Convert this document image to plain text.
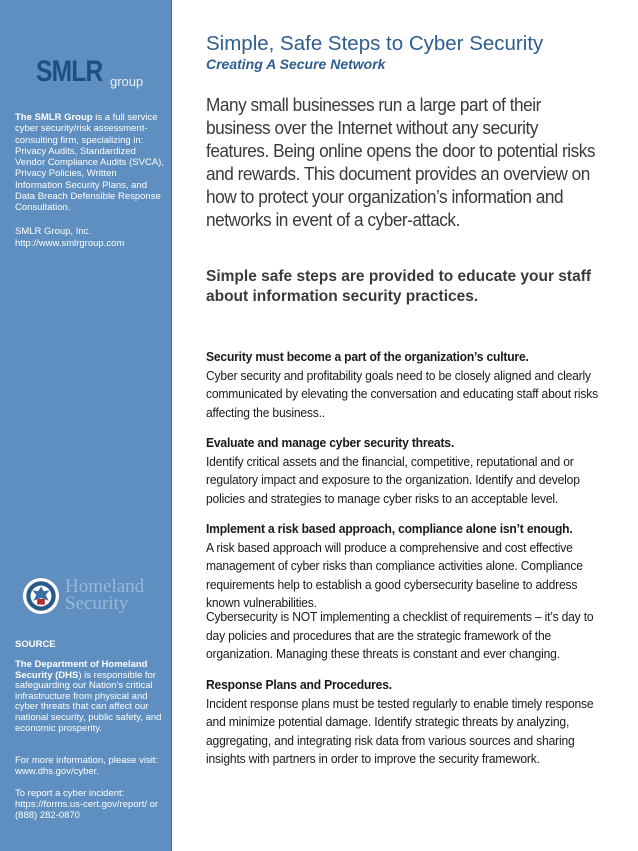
SMLR group
The SMLR Group is a full service cyber security/risk assessment-consulting firm, specializing in: Privacy Audits, Standardized Vendor Compliance Audits (SVCA), Privacy Policies, Written Information Security Plans, and Data Breach Defensible Response Consultation.
SMLR Group, Inc.
http://www.smlrgroup.com
Homeland Security
SOURCE
The Department of Homeland Security (DHS) is responsible for safeguarding our Nation’s critical infrastructure from physical and cyber threats that can affect our national security, public safety, and economic prosperity.
For more information, please visit: www.dhs.gov/cyber.
To report a cyber incident: https://forms.us-cert.gov/report/ or (888) 282-0870
Simple, Safe Steps to Cyber Security
Creating A Secure Network
Many small businesses run a large part of their business over the Internet without any security features. Being online opens the door to potential risks and rewards. This document provides an overview on how to protect your organization’s information and networks in event of a cyber-attack.
Simple safe steps are provided to educate your staff about information security practices.
Security must become a part of the organization’s culture.
Cyber security and profitability goals need to be closely aligned and clearly communicated by elevating the conversation and educating staff about risks affecting the business..
Evaluate and manage cyber security threats.
Identify critical assets and the financial, competitive, reputational and or regulatory impact and exposure to the organization. Identify and develop policies and strategies to manage cyber risks to an acceptable level.
Implement a risk based approach, compliance alone isn’t enough.
A risk based approach will produce a comprehensive and cost effective management of cyber risks than compliance activities alone. Compliance requirements help to establish a good cybersecurity baseline to address known vulnerabilities.
Cybersecurity is NOT implementing a checklist of requirements – it’s day to day policies and procedures that are the strategic framework of the organization. Managing these threats is constant and ever changing.
Response Plans and Procedures.
Incident response plans must be tested regularly to enable timely response and minimize potential damage. Identify strategic threats by analyzing, aggregating, and integrating risk data from various sources and sharing insights with partners in order to improve the security framework.
